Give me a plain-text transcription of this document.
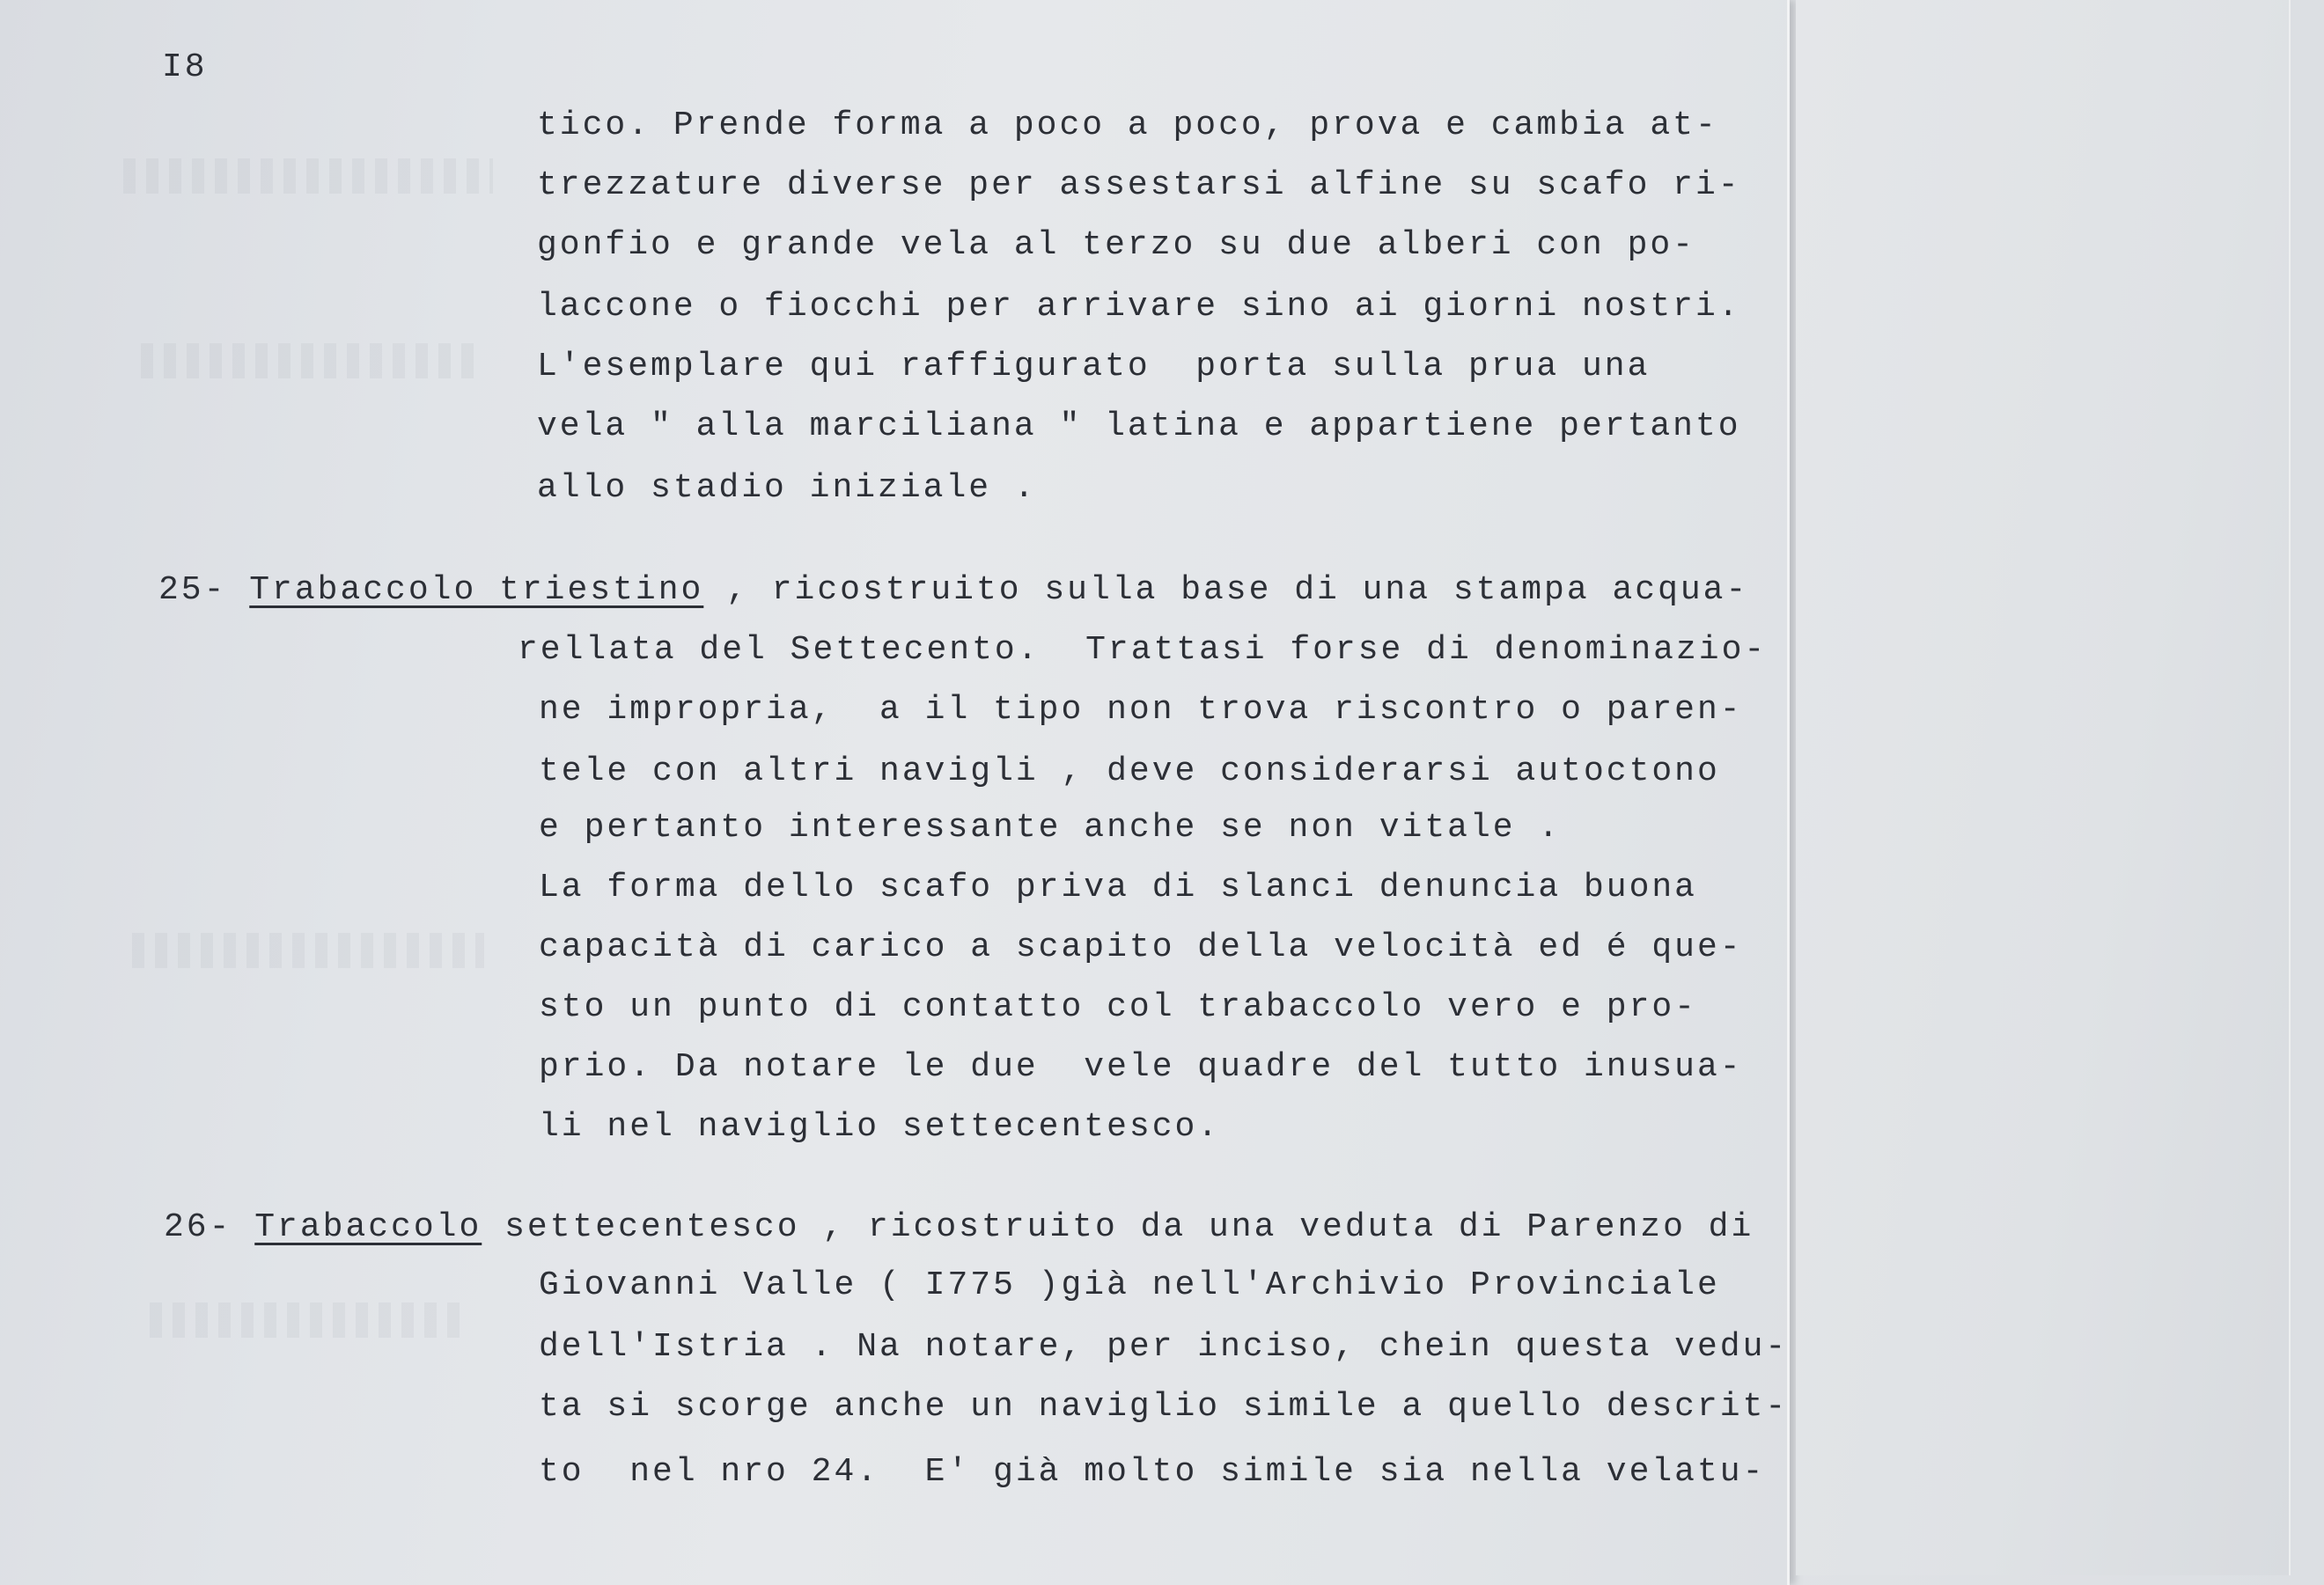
I8
tico. Prende forma a poco a poco, prova e cambia at-
trezzature diverse per assestarsi alfine su scafo ri-
gonfio e grande vela al terzo su due alberi con po-
laccone o fiocchi per arrivare sino ai giorni nostri.
L'esemplare qui raffigurato  porta sulla prua una
vela " alla marciliana " latina e appartiene pertanto
allo stadio iniziale .
25- Trabaccolo triestino , ricostruito sulla base di una stampa acqua-
rellata del Settecento.  Trattasi forse di denominazio-
ne impropria,  a il tipo non trova riscontro o paren-
tele con altri navigli , deve considerarsi autoctono
e pertanto interessante anche se non vitale .
La forma dello scafo priva di slanci denuncia buona
capacità di carico a scapito della velocità ed é que-
sto un punto di contatto col trabaccolo vero e pro-
prio. Da notare le due  vele quadre del tutto inusua-
li nel naviglio settecentesco.
26- Trabaccolo settecentesco , ricostruito da una veduta di Parenzo di
Giovanni Valle ( I775 )già nell'Archivio Provinciale
dell'Istria . Na notare, per inciso, chein questa vedu-
ta si scorge anche un naviglio simile a quello descrit-
to  nel nro 24.  E' già molto simile sia nella velatu-
